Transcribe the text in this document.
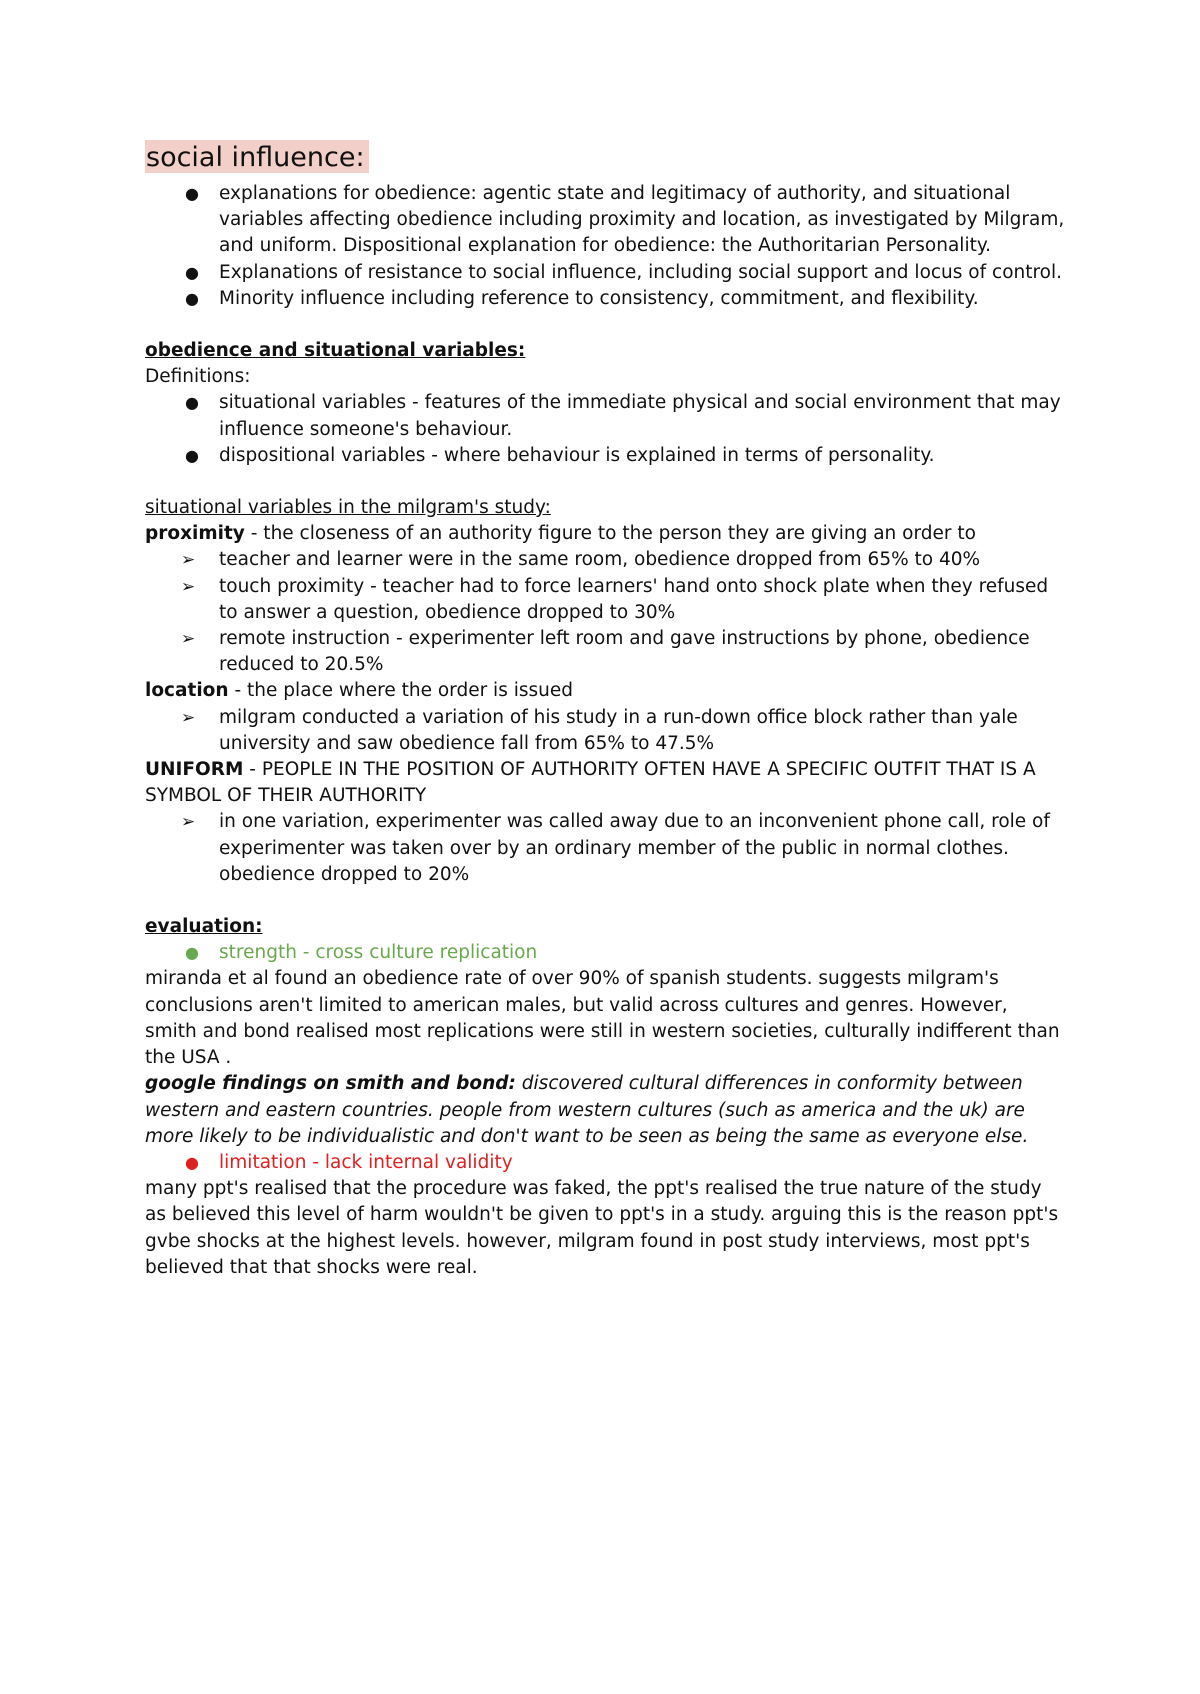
social influence:
● explanations for obedience: agentic state and legitimacy of authority, and situational variables affecting obedience including proximity and location, as investigated by Milgram, and uniform. Dispositional explanation for obedience: the Authoritarian Personality.
● Explanations of resistance to social influence, including social support and locus of control.
● Minority influence including reference to consistency, commitment, and flexibility.
obedience and situational variables:
Definitions:
● situational variables - features of the immediate physical and social environment that may influence someone's behaviour.
● dispositional variables - where behaviour is explained in terms of personality.
situational variables in the milgram's study:
proximity - the closeness of an authority figure to the person they are giving an order to
➢ teacher and learner were in the same room, obedience dropped from 65% to 40%
➢ touch proximity - teacher had to force learners' hand onto shock plate when they refused to answer a question, obedience dropped to 30%
➢ remote instruction - experimenter left room and gave instructions by phone, obedience reduced to 20.5%
location - the place where the order is issued
➢ milgram conducted a variation of his study in a run-down office block rather than yale university and saw obedience fall from 65% to 47.5%
UNIFORM - PEOPLE IN THE POSITION OF AUTHORITY OFTEN HAVE A SPECIFIC OUTFIT THAT IS A SYMBOL OF THEIR AUTHORITY
➢ in one variation, experimenter was called away due to an inconvenient phone call, role of experimenter was taken over by an ordinary member of the public in normal clothes. obedience dropped to 20%
evaluation:
● strength - cross culture replication
miranda et al found an obedience rate of over 90% of spanish students. suggests milgram's conclusions aren't limited to american males, but valid across cultures and genres. However, smith and bond realised most replications were still in western societies, culturally indifferent than the USA .
google findings on smith and bond: discovered cultural differences in conformity between western and eastern countries. people from western cultures (such as america and the uk) are more likely to be individualistic and don't want to be seen as being the same as everyone else.
● limitation - lack internal validity
many ppt's realised that the procedure was faked, the ppt's realised the true nature of the study as believed this level of harm wouldn't be given to ppt's in a study. arguing this is the reason ppt's gvbe shocks at the highest levels. however, milgram found in post study interviews, most ppt's believed that that shocks were real.
